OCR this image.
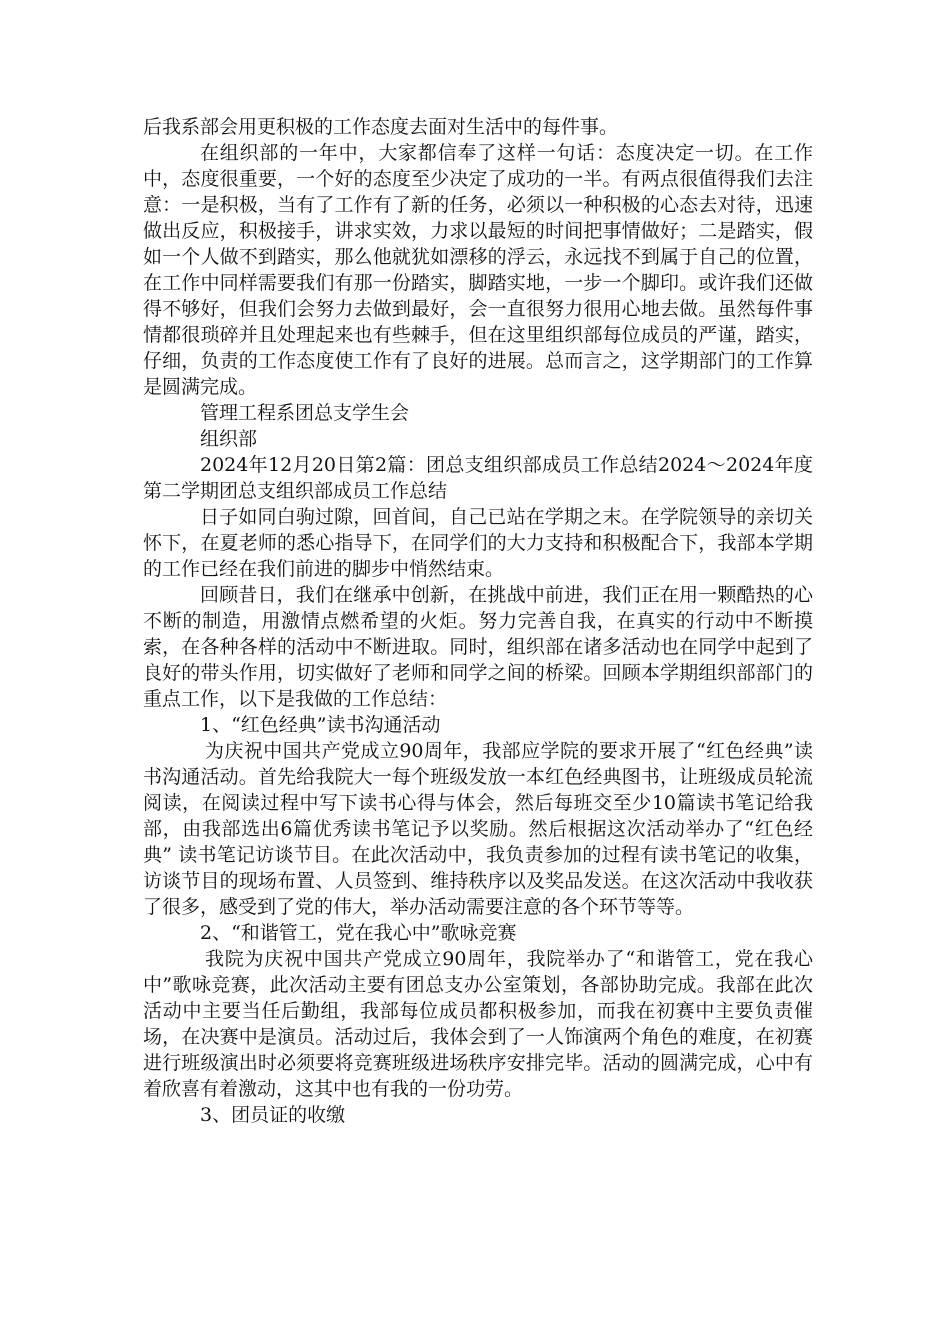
后我系部会用更积极的工作态度去面对生活中的每件事。

在组织部的一年中，大家都信奉了这样一句话：态度决定一切。在工作中，态度很重要，一个好的态度至少决定了成功的一半。有两点很值得我们去注意：一是积极，当有了工作有了新的任务，必须以一种积极的心态去对待，迅速做出反应，积极接手，讲求实效，力求以最短的时间把事情做好；二是踏实，假如一个人做不到踏实，那么他就犹如漂移的浮云，永远找不到属于自己的位置，在工作中同样需要我们有那一份踏实，脚踏实地，一步一个脚印。或许我们还做得不够好，但我们会努力去做到最好，会一直很努力很用心地去做。虽然每件事情都很琐碎并且处理起来也有些棘手，但在这里组织部每位成员的严谨，踏实，仔细，负责的工作态度使工作有了良好的进展。总而言之，这学期部门的工作算是圆满完成。

管理工程系团总支学生会

组织部

2024年12月20日第2篇：团总支组织部成员工作总结2024～2024年度第二学期团总支组织部成员工作总结

日子如同白驹过隙，回首间，自己已站在学期之末。在学院领导的亲切关怀下，在夏老师的悉心指导下，在同学们的大力支持和积极配合下，我部本学期的工作已经在我们前进的脚步中悄然结束。

回顾昔日，我们在继承中创新，在挑战中前进，我们正在用一颗酷热的心不断的制造，用激情点燃希望的火炬。努力完善自我，在真实的行动中不断摸索，在各种各样的活动中不断进取。同时，组织部在诸多活动也在同学中起到了良好的带头作用，切实做好了老师和同学之间的桥梁。回顾本学期组织部部门的重点工作，以下是我做的工作总结：

1、“红色经典”读书沟通活动

为庆祝中国共产党成立90周年，我部应学院的要求开展了“红色经典”读书沟通活动。首先给我院大一每个班级发放一本红色经典图书，让班级成员轮流阅读，在阅读过程中写下读书心得与体会，然后每班交至少10篇读书笔记给我部，由我部选出6篇优秀读书笔记予以奖励。然后根据这次活动举办了“红色经典” 读书笔记访谈节目。在此次活动中，我负责参加的过程有读书笔记的收集，访谈节目的现场布置、人员签到、维持秩序以及奖品发送。在这次活动中我收获了很多，感受到了党的伟大，举办活动需要注意的各个环节等等。

2、“和谐管工，党在我心中”歌咏竞赛

我院为庆祝中国共产党成立90周年，我院举办了“和谐管工，党在我心中”歌咏竞赛，此次活动主要有团总支办公室策划，各部协助完成。我部在此次活动中主要当任后勤组，我部每位成员都积极参加，而我在初赛中主要负责催场，在决赛中是演员。活动过后，我体会到了一人饰演两个角色的难度，在初赛进行班级演出时必须要将竞赛班级进场秩序安排完毕。活动的圆满完成，心中有着欣喜有着激动，这其中也有我的一份功劳。

3、团员证的收缴
